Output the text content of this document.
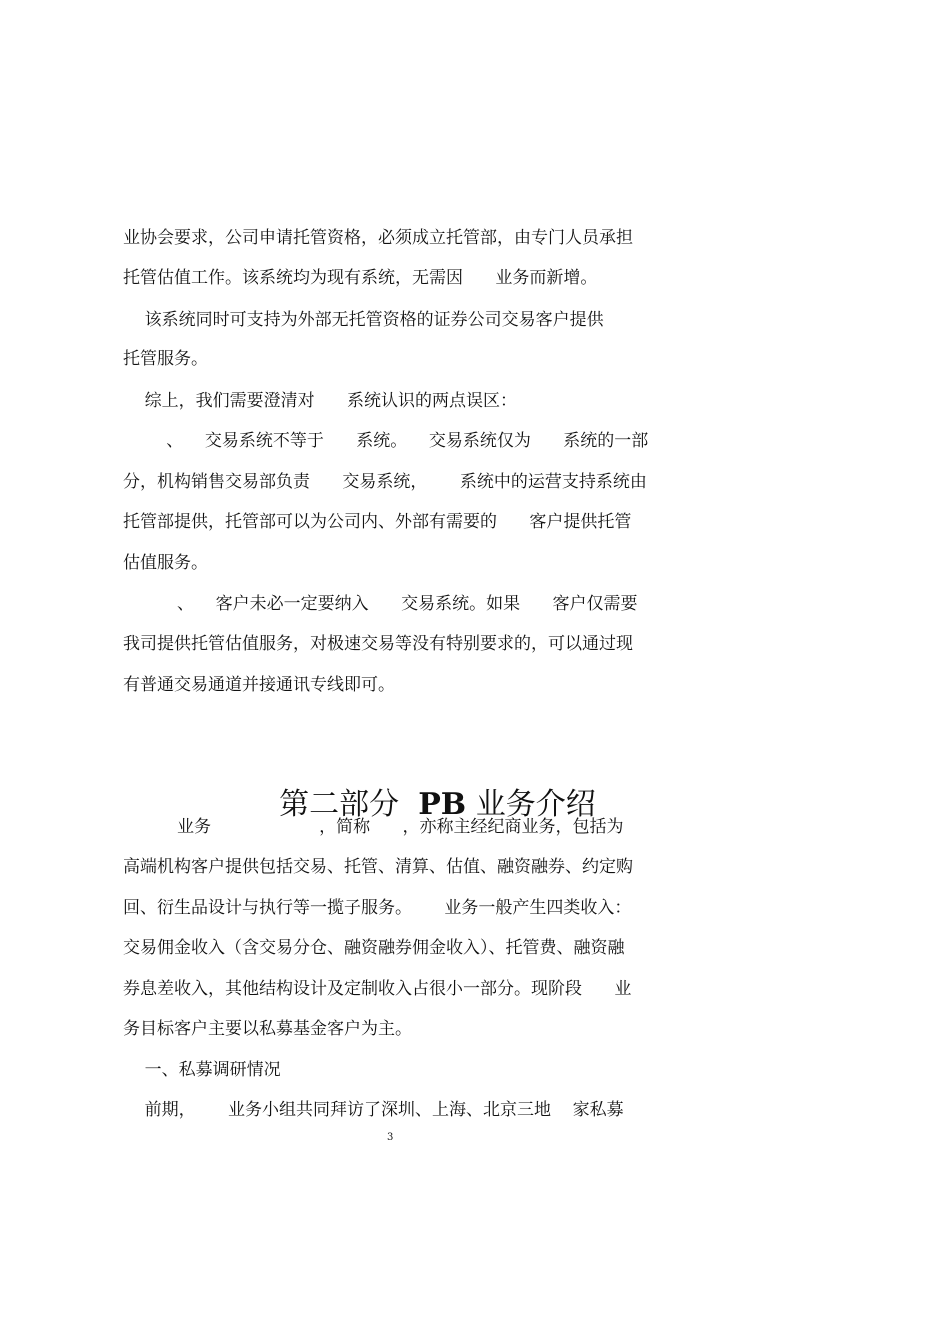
业协会要求，公司申请托管资格，必须成立托管部，由专门人员承担
托管估值工作。该系统均为现有系统，无需因      业务而新增。
该系统同时可支持为外部无托管资格的证券公司交易客户提供
托管服务。
综上，我们需要澄清对      系统认识的两点误区：
、    交易系统不等于      系统。    交易系统仅为      系统的一部
分，机构销售交易部负责      交易系统，      系统中的运营支持系统由
托管部提供，托管部可以为公司内、外部有需要的      客户提供托管
估值服务。
、    客户未必一定要纳入      交易系统。如果      客户仅需要
我司提供托管估值服务，对极速交易等没有特别要求的，可以通过现
有普通交易通道并接通讯专线即可。

第二部分 PB 业务介绍

业务                    ，简称      ，亦称主经纪商业务，包括为
高端机构客户提供包括交易、托管、清算、估值、融资融券、约定购
回、衍生品设计与执行等一揽子服务。      业务一般产生四类收入：
交易佣金收入（含交易分仓、融资融券佣金收入）、托管费、融资融
券息差收入，其他结构设计及定制收入占很小一部分。现阶段      业
务目标客户主要以私募基金客户为主。
一、私募调研情况
前期，      业务小组共同拜访了深圳、上海、北京三地    家私募
3
